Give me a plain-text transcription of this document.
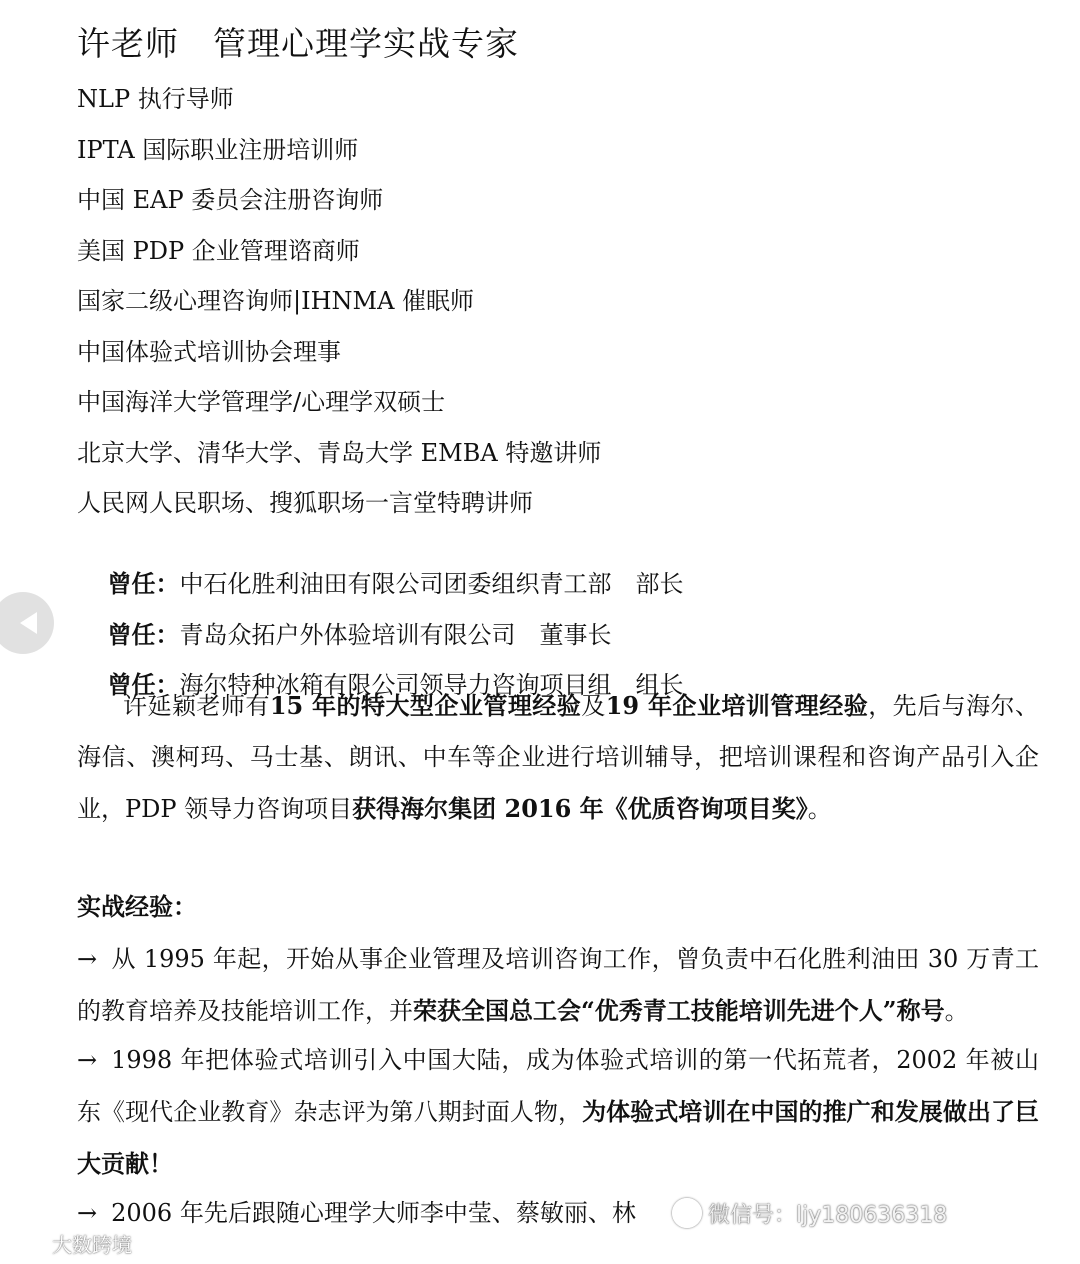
许老师　管理心理学实战专家
NLP 执行导师
IPTA 国际职业注册培训师
中国 EAP 委员会注册咨询师
美国 PDP 企业管理谘商师
国家二级心理咨询师|IHNMA 催眠师
中国体验式培训协会理事
中国海洋大学管理学/心理学双硕士
北京大学、清华大学、青岛大学 EMBA 特邀讲师
人民网人民职场、搜狐职场一言堂特聘讲师

曾任：中石化胜利油田有限公司团委组织青工部　部长

曾任：青岛众拓户外体验培训有限公司　董事长

曾任：海尔特种冰箱有限公司领导力咨询项目组　组长

许延颖老师有15 年的特大型企业管理经验及19 年企业培训管理经验，先后与海尔、海信、澳柯玛、马士基、朗讯、中车等企业进行培训辅导，把培训课程和咨询产品引入企业，PDP 领导力咨询项目获得海尔集团 2016 年《优质咨询项目奖》。

实战经验：

→ 从 1995 年起，开始从事企业管理及培训咨询工作，曾负责中石化胜利油田 30 万青工的教育培养及技能培训工作，并荣获全国总工会“优秀青工技能培训先进个人”称号。

→ 1998 年把体验式培训引入中国大陆，成为体验式培训的第一代拓荒者，2002 年被山东《现代企业教育》杂志评为第八期封面人物，为体验式培训在中国的推广和发展做出了巨大贡献！

→ 2006 年先后跟随心理学大师李中莹、蔡敏丽、林	微信号：ljy180636318
大数跨境
